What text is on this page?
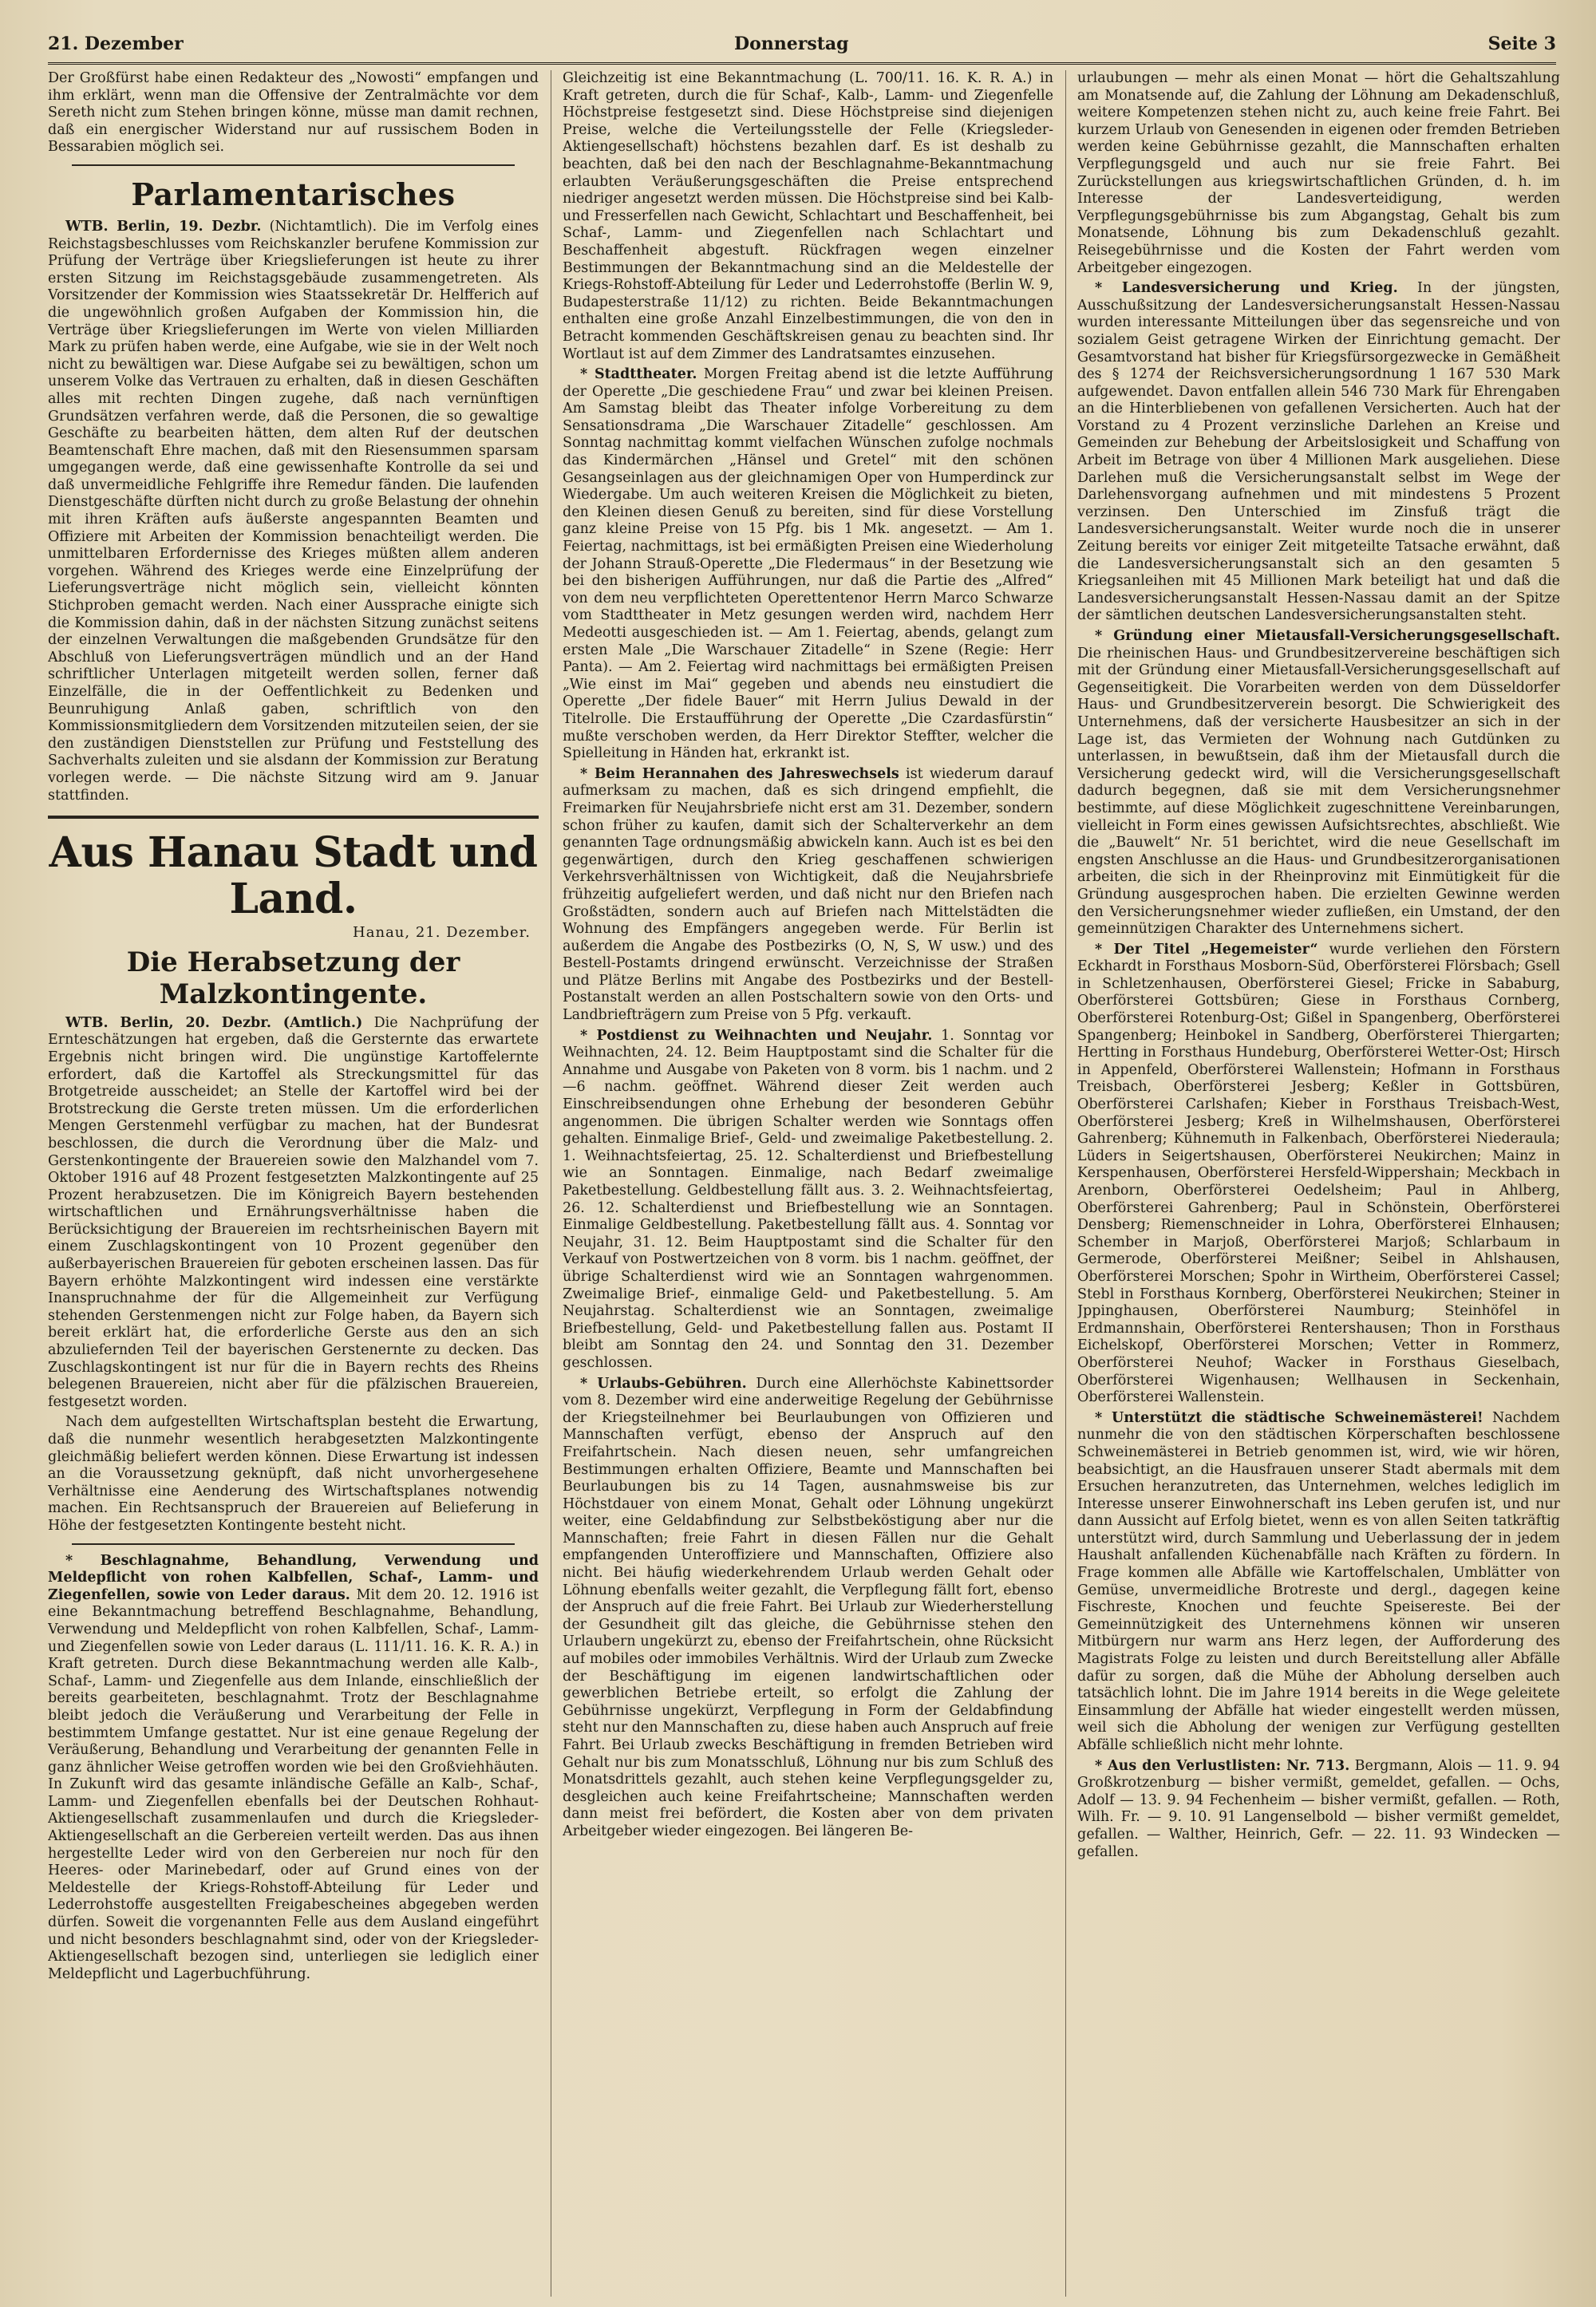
21. Dezember	Donnerstag	Seite 3

Der Großfürst habe einen Redakteur des „Nowosti“ empfangen und ihm erklärt, wenn man die Offensive der Zentralmächte vor dem Sereth nicht zum Stehen bringen könne, müsse man damit rechnen, daß ein energischer Widerstand nur auf russischem Boden in Bessarabien möglich sei.

Parlamentarisches

WTB. Berlin, 19. Dezbr. (Nichtamtlich). Die im Verfolg eines Reichstagsbeschlusses vom Reichskanzler berufene Kommission zur Prüfung der Verträge über Kriegslieferungen ist heute zu ihrer ersten Sitzung im Reichstagsgebäude zusammengetreten. Als Vorsitzender der Kommission wies Staatssekretär Dr. Helfferich auf die ungewöhnlich großen Aufgaben der Kommission hin, die Verträge über Kriegslieferungen im Werte von vielen Milliarden Mark zu prüfen haben werde, eine Aufgabe, wie sie in der Welt noch nicht zu bewältigen war. Diese Aufgabe sei zu bewältigen, schon um unserem Volke das Vertrauen zu erhalten, daß in diesen Geschäften alles mit rechten Dingen zugehe, daß nach vernünftigen Grundsätzen verfahren werde, daß die Personen, die so gewaltige Geschäfte zu bearbeiten hätten, dem alten Ruf der deutschen Beamtenschaft Ehre machen, daß mit den Riesensummen sparsam umgegangen werde, daß eine gewissenhafte Kontrolle da sei und daß unvermeidliche Fehlgriffe ihre Remedur fänden. Die laufenden Dienstgeschäfte dürften nicht durch zu große Belastung der ohnehin mit ihren Kräften aufs äußerste angespannten Beamten und Offiziere mit Arbeiten der Kommission benachteiligt werden. Die unmittelbaren Erfordernisse des Krieges müßten allem anderen vorgehen. Während des Krieges werde eine Einzelprüfung der Lieferungsverträge nicht möglich sein, vielleicht könnten Stichproben gemacht werden. Nach einer Aussprache einigte sich die Kommission dahin, daß in der nächsten Sitzung zunächst seitens der einzelnen Verwaltungen die maßgebenden Grundsätze für den Abschluß von Lieferungsverträgen mündlich und an der Hand schriftlicher Unterlagen mitgeteilt werden sollen, ferner daß Einzelfälle, die in der Oeffentlichkeit zu Bedenken und Beunruhigung Anlaß gaben, schriftlich von den Kommissionsmitgliedern dem Vorsitzenden mitzuteilen seien, der sie den zuständigen Dienststellen zur Prüfung und Feststellung des Sachverhalts zuleiten und sie alsdann der Kommission zur Beratung vorlegen werde. — Die nächste Sitzung wird am 9. Januar stattfinden.

Aus Hanau Stadt und Land.
Hanau, 21. Dezember.
Die Herabsetzung der Malzkontingente.

WTB. Berlin, 20. Dezbr. (Amtlich.) Die Nachprüfung der Ernteschätzungen hat ergeben, daß die Gersternte das erwartete Ergebnis nicht bringen wird. Die ungünstige Kartoffelernte erfordert, daß die Kartoffel als Streckungsmittel für das Brotgetreide ausscheidet; an Stelle der Kartoffel wird bei der Brotstreckung die Gerste treten müssen. Um die erforderlichen Mengen Gerstenmehl verfügbar zu machen, hat der Bundesrat beschlossen, die durch die Verordnung über die Malz- und Gerstenkontingente der Brauereien sowie den Malzhandel vom 7. Oktober 1916 auf 48 Prozent festgesetzten Malzkontingente auf 25 Prozent herabzusetzen. Die im Königreich Bayern bestehenden wirtschaftlichen und Ernährungsverhältnisse haben die Berücksichtigung der Brauereien im rechtsrheinischen Bayern mit einem Zuschlagskontingent von 10 Prozent gegenüber den außerbayerischen Brauereien für geboten erscheinen lassen. Das für Bayern erhöhte Malzkontingent wird indessen eine verstärkte Inanspruchnahme der für die Allgemeinheit zur Verfügung stehenden Gerstenmengen nicht zur Folge haben, da Bayern sich bereit erklärt hat, die erforderliche Gerste aus den an sich abzuliefernden Teil der bayerischen Gerstenernte zu decken. Das Zuschlagskontingent ist nur für die in Bayern rechts des Rheins belegenen Brauereien, nicht aber für die pfälzischen Brauereien, festgesetzt worden.

Nach dem aufgestellten Wirtschaftsplan besteht die Erwartung, daß die nunmehr wesentlich herabgesetzten Malzkontingente gleichmäßig beliefert werden können. Diese Erwartung ist indessen an die Voraussetzung geknüpft, daß nicht unvorhergesehene Verhältnisse eine Aenderung des Wirtschaftsplanes notwendig machen. Ein Rechtsanspruch der Brauereien auf Belieferung in Höhe der festgesetzten Kontingente besteht nicht.

* Beschlagnahme, Behandlung, Verwendung und Meldepflicht von rohen Kalbfellen, Schaf-, Lamm- und Ziegenfellen, sowie von Leder daraus. Mit dem 20. 12. 1916 ist eine Bekanntmachung betreffend Beschlagnahme, Behandlung, Verwendung und Meldepflicht von rohen Kalbfellen, Schaf-, Lamm- und Ziegenfellen sowie von Leder daraus (L. 111/11. 16. K. R. A.) in Kraft getreten. Durch diese Bekanntmachung werden alle Kalb-, Schaf-, Lamm- und Ziegenfelle aus dem Inlande, einschließlich der bereits gearbeiteten, beschlagnahmt. Trotz der Beschlagnahme bleibt jedoch die Veräußerung und Verarbeitung der Felle in bestimmtem Umfange gestattet. Nur ist eine genaue Regelung der Veräußerung, Behandlung und Verarbeitung der genannten Felle in ganz ähnlicher Weise getroffen worden wie bei den Großviehhäuten. In Zukunft wird das gesamte inländische Gefälle an Kalb-, Schaf-, Lamm- und Ziegenfellen ebenfalls bei der Deutschen Rohhaut-Aktiengesellschaft zusammenlaufen und durch die Kriegsleder-Aktiengesellschaft an die Gerbereien verteilt werden. Das aus ihnen hergestellte Leder wird von den Gerbereien nur noch für den Heeres- oder Marinebedarf, oder auf Grund eines von der Meldestelle der Kriegs-Rohstoff-Abteilung für Leder und Lederrohstoffe ausgestellten Freigabescheines abgegeben werden dürfen. Soweit die vorgenannten Felle aus dem Ausland eingeführt und nicht besonders beschlagnahmt sind, oder von der Kriegsleder-Aktiengesellschaft bezogen sind, unterliegen sie lediglich einer Meldepflicht und Lagerbuchführung.

Gleichzeitig ist eine Bekanntmachung (L. 700/11. 16. K. R. A.) in Kraft getreten, durch die für Schaf-, Kalb-, Lamm- und Ziegenfelle Höchstpreise festgesetzt sind. Diese Höchstpreise sind diejenigen Preise, welche die Verteilungsstelle der Felle (Kriegsleder-Aktiengesellschaft) höchstens bezahlen darf. Es ist deshalb zu beachten, daß bei den nach der Beschlagnahme-Bekanntmachung erlaubten Veräußerungsgeschäften die Preise entsprechend niedriger angesetzt werden müssen. Die Höchstpreise sind bei Kalb- und Fresserfellen nach Gewicht, Schlachtart und Beschaffenheit, bei Schaf-, Lamm- und Ziegenfellen nach Schlachtart und Beschaffenheit abgestuft. Rückfragen wegen einzelner Bestimmungen der Bekanntmachung sind an die Meldestelle der Kriegs-Rohstoff-Abteilung für Leder und Lederrohstoffe (Berlin W. 9, Budapesterstraße 11/12) zu richten. Beide Bekanntmachungen enthalten eine große Anzahl Einzelbestimmungen, die von den in Betracht kommenden Geschäftskreisen genau zu beachten sind. Ihr Wortlaut ist auf dem Zimmer des Landratsamtes einzusehen.

* Stadttheater. Morgen Freitag abend ist die letzte Aufführung der Operette „Die geschiedene Frau“ und zwar bei kleinen Preisen. Am Samstag bleibt das Theater infolge Vorbereitung zu dem Sensationsdrama „Die Warschauer Zitadelle“ geschlossen. Am Sonntag nachmittag kommt vielfachen Wünschen zufolge nochmals das Kindermärchen „Hänsel und Gretel“ mit den schönen Gesangseinlagen aus der gleichnamigen Oper von Humperdinck zur Wiedergabe. Um auch weiteren Kreisen die Möglichkeit zu bieten, den Kleinen diesen Genuß zu bereiten, sind für diese Vorstellung ganz kleine Preise von 15 Pfg. bis 1 Mk. angesetzt. — Am 1. Feiertag, nachmittags, ist bei ermäßigten Preisen eine Wiederholung der Johann Strauß-Operette „Die Fledermaus“ in der Besetzung wie bei den bisherigen Aufführungen, nur daß die Partie des „Alfred“ von dem neu verpflichteten Operettentenor Herrn Marco Schwarze vom Stadttheater in Metz gesungen werden wird, nachdem Herr Medeotti ausgeschieden ist. — Am 1. Feiertag, abends, gelangt zum ersten Male „Die Warschauer Zitadelle“ in Szene (Regie: Herr Panta). — Am 2. Feiertag wird nachmittags bei ermäßigten Preisen „Wie einst im Mai“ gegeben und abends neu einstudiert die Operette „Der fidele Bauer“ mit Herrn Julius Dewald in der Titelrolle. Die Erstaufführung der Operette „Die Czardasfürstin“ mußte verschoben werden, da Herr Direktor Steffter, welcher die Spielleitung in Händen hat, erkrankt ist.

* Beim Herannahen des Jahreswechsels ist wiederum darauf aufmerksam zu machen, daß es sich dringend empfiehlt, die Freimarken für Neujahrsbriefe nicht erst am 31. Dezember, sondern schon früher zu kaufen, damit sich der Schalterverkehr an dem genannten Tage ordnungsmäßig abwickeln kann. Auch ist es bei den gegenwärtigen, durch den Krieg geschaffenen schwierigen Verkehrsverhältnissen von Wichtigkeit, daß die Neujahrsbriefe frühzeitig aufgeliefert werden, und daß nicht nur den Briefen nach Großstädten, sondern auch auf Briefen nach Mittelstädten die Wohnung des Empfängers angegeben werde. Für Berlin ist außerdem die Angabe des Postbezirks (O, N, S, W usw.) und des Bestell-Postamts dringend erwünscht. Verzeichnisse der Straßen und Plätze Berlins mit Angabe des Postbezirks und der Bestell-Postanstalt werden an allen Postschaltern sowie von den Orts- und Landbriefträgern zum Preise von 5 Pfg. verkauft.

* Postdienst zu Weihnachten und Neujahr. 1. Sonntag vor Weihnachten, 24. 12. Beim Hauptpostamt sind die Schalter für die Annahme und Ausgabe von Paketen von 8 vorm. bis 1 nachm. und 2—6 nachm. geöffnet. Während dieser Zeit werden auch Einschreibsendungen ohne Erhebung der besonderen Gebühr angenommen. Die übrigen Schalter werden wie Sonntags offen gehalten. Einmalige Brief-, Geld- und zweimalige Paketbestellung. 2. 1. Weihnachtsfeiertag, 25. 12. Schalterdienst und Briefbestellung wie an Sonntagen. Einmalige, nach Bedarf zweimalige Paketbestellung. Geldbestellung fällt aus. 3. 2. Weihnachtsfeiertag, 26. 12. Schalterdienst und Briefbestellung wie an Sonntagen. Einmalige Geldbestellung. Paketbestellung fällt aus. 4. Sonntag vor Neujahr, 31. 12. Beim Hauptpostamt sind die Schalter für den Verkauf von Postwertzeichen von 8 vorm. bis 1 nachm. geöffnet, der übrige Schalterdienst wird wie an Sonntagen wahrgenommen. Zweimalige Brief-, einmalige Geld- und Paketbestellung. 5. Am Neujahrstag. Schalterdienst wie an Sonntagen, zweimalige Briefbestellung, Geld- und Paketbestellung fallen aus. Postamt II bleibt am Sonntag den 24. und Sonntag den 31. Dezember geschlossen.

* Urlaubs-Gebühren. Durch eine Allerhöchste Kabinettsorder vom 8. Dezember wird eine anderweitige Regelung der Gebührnisse der Kriegsteilnehmer bei Beurlaubungen von Offizieren und Mannschaften verfügt, ebenso der Anspruch auf den Freifahrtschein. Nach diesen neuen, sehr umfangreichen Bestimmungen erhalten Offiziere, Beamte und Mannschaften bei Beurlaubungen bis zu 14 Tagen, ausnahmsweise bis zur Höchstdauer von einem Monat, Gehalt oder Löhnung ungekürzt weiter, eine Geldabfindung zur Selbstbeköstigung aber nur die Mannschaften; freie Fahrt in diesen Fällen nur die Gehalt empfangenden Unteroffiziere und Mannschaften, Offiziere also nicht. Bei häufig wiederkehrendem Urlaub werden Gehalt oder Löhnung ebenfalls weiter gezahlt, die Verpflegung fällt fort, ebenso der Anspruch auf die freie Fahrt. Bei Urlaub zur Wiederherstellung der Gesundheit gilt das gleiche, die Gebührnisse stehen den Urlaubern ungekürzt zu, ebenso der Freifahrtschein, ohne Rücksicht auf mobiles oder immobiles Verhältnis. Wird der Urlaub zum Zwecke der Beschäftigung im eigenen landwirtschaftlichen oder gewerblichen Betriebe erteilt, so erfolgt die Zahlung der Gebührnisse ungekürzt, Verpflegung in Form der Geldabfindung steht nur den Mannschaften zu, diese haben auch Anspruch auf freie Fahrt. Bei Urlaub zwecks Beschäftigung in fremden Betrieben wird Gehalt nur bis zum Monatsschluß, Löhnung nur bis zum Schluß des Monatsdrittels gezahlt, auch stehen keine Verpflegungsgelder zu, desgleichen auch keine Freifahrtscheine; Mannschaften werden dann meist frei befördert, die Kosten aber von dem privaten Arbeitgeber wieder eingezogen. Bei längeren Be-

urlaubungen — mehr als einen Monat — hört die Gehaltszahlung am Monatsende auf, die Zahlung der Löhnung am Dekadenschluß, weitere Kompetenzen stehen nicht zu, auch keine freie Fahrt. Bei kurzem Urlaub von Genesenden in eigenen oder fremden Betrieben werden keine Gebührnisse gezahlt, die Mannschaften erhalten Verpflegungsgeld und auch nur sie freie Fahrt. Bei Zurückstellungen aus kriegswirtschaftlichen Gründen, d. h. im Interesse der Landesverteidigung, werden Verpflegungsgebührnisse bis zum Abgangstag, Gehalt bis zum Monatsende, Löhnung bis zum Dekadenschluß gezahlt. Reisegebührnisse und die Kosten der Fahrt werden vom Arbeitgeber eingezogen.

* Landesversicherung und Krieg. In der jüngsten, Ausschußsitzung der Landesversicherungsanstalt Hessen-Nassau wurden interessante Mitteilungen über das segensreiche und von sozialem Geist getragene Wirken der Einrichtung gemacht. Der Gesamtvorstand hat bisher für Kriegsfürsorgezwecke in Gemäßheit des § 1274 der Reichsversicherungsordnung 1 167 530 Mark aufgewendet. Davon entfallen allein 546 730 Mark für Ehrengaben an die Hinterbliebenen von gefallenen Versicherten. Auch hat der Vorstand zu 4 Prozent verzinsliche Darlehen an Kreise und Gemeinden zur Behebung der Arbeitslosigkeit und Schaffung von Arbeit im Betrage von über 4 Millionen Mark ausgeliehen. Diese Darlehen muß die Versicherungsanstalt selbst im Wege der Darlehensvorgang aufnehmen und mit mindestens 5 Prozent verzinsen. Den Unterschied im Zinsfuß trägt die Landesversicherungsanstalt. Weiter wurde noch die in unserer Zeitung bereits vor einiger Zeit mitgeteilte Tatsache erwähnt, daß die Landesversicherungsanstalt sich an den gesamten 5 Kriegsanleihen mit 45 Millionen Mark beteiligt hat und daß die Landesversicherungsanstalt Hessen-Nassau damit an der Spitze der sämtlichen deutschen Landesversicherungsanstalten steht.

* Gründung einer Mietausfall-Versicherungsgesellschaft. Die rheinischen Haus- und Grundbesitzervereine beschäftigen sich mit der Gründung einer Mietausfall-Versicherungsgesellschaft auf Gegenseitigkeit. Die Vorarbeiten werden von dem Düsseldorfer Haus- und Grundbesitzerverein besorgt. Die Schwierigkeit des Unternehmens, daß der versicherte Hausbesitzer an sich in der Lage ist, das Vermieten der Wohnung nach Gutdünken zu unterlassen, in bewußtsein, daß ihm der Mietausfall durch die Versicherung gedeckt wird, will die Versicherungsgesellschaft dadurch begegnen, daß sie mit dem Versicherungsnehmer bestimmte, auf diese Möglichkeit zugeschnittene Vereinbarungen, vielleicht in Form eines gewissen Aufsichtsrechtes, abschließt. Wie die „Bauwelt“ Nr. 51 berichtet, wird die neue Gesellschaft im engsten Anschlusse an die Haus- und Grundbesitzerorganisationen arbeiten, die sich in der Rheinprovinz mit Einmütigkeit für die Gründung ausgesprochen haben. Die erzielten Gewinne werden den Versicherungsnehmer wieder zufließen, ein Umstand, der den gemeinnützigen Charakter des Unternehmens sichert.

* Der Titel „Hegemeister“ wurde verliehen den Förstern Eckhardt in Forsthaus Mosborn-Süd, Oberförsterei Flörsbach; Gsell in Schletzenhausen, Oberförsterei Giesel; Fricke in Sababurg, Oberförsterei Gottsbüren; Giese in Forsthaus Cornberg, Oberförsterei Rotenburg-Ost; Gißel in Spangenberg, Oberförsterei Spangenberg; Heinbokel in Sandberg, Oberförsterei Thiergarten; Hertting in Forsthaus Hundeburg, Oberförsterei Wetter-Ost; Hirsch in Appenfeld, Oberförsterei Wallenstein; Hofmann in Forsthaus Treisbach, Oberförsterei Jesberg; Keßler in Gottsbüren, Oberförsterei Carlshafen; Kieber in Forsthaus Treisbach-West, Oberförsterei Jesberg; Kreß in Wilhelmshausen, Oberförsterei Gahrenberg; Kühnemuth in Falkenbach, Oberförsterei Niederaula; Lüders in Seigertshausen, Oberförsterei Neukirchen; Mainz in Kerspenhausen, Oberförsterei Hersfeld-Wippershain; Meckbach in Arenborn, Oberförsterei Oedelsheim; Paul in Ahlberg, Oberförsterei Gahrenberg; Paul in Schönstein, Oberförsterei Densberg; Riemenschneider in Lohra, Oberförsterei Elnhausen; Schember in Marjoß, Oberförsterei Marjoß; Schlarbaum in Germerode, Oberförsterei Meißner; Seibel in Ahlshausen, Oberförsterei Morschen; Spohr in Wirtheim, Oberförsterei Cassel; Stebl in Forsthaus Kornberg, Oberförsterei Neukirchen; Steiner in Jppinghausen, Oberförsterei Naumburg; Steinhöfel in Erdmannshain, Oberförsterei Rentershausen; Thon in Forsthaus Eichelskopf, Oberförsterei Morschen; Vetter in Rommerz, Oberförsterei Neuhof; Wacker in Forsthaus Gieselbach, Oberförsterei Wigenhausen; Wellhausen in Seckenhain, Oberförsterei Wallenstein.

* Unterstützt die städtische Schweinemästerei! Nachdem nunmehr die von den städtischen Körperschaften beschlossene Schweinemästerei in Betrieb genommen ist, wird, wie wir hören, beabsichtigt, an die Hausfrauen unserer Stadt abermals mit dem Ersuchen heranzutreten, das Unternehmen, welches lediglich im Interesse unserer Einwohnerschaft ins Leben gerufen ist, und nur dann Aussicht auf Erfolg bietet, wenn es von allen Seiten tatkräftig unterstützt wird, durch Sammlung und Ueberlassung der in jedem Haushalt anfallenden Küchenabfälle nach Kräften zu fördern. In Frage kommen alle Abfälle wie Kartoffelschalen, Umblätter von Gemüse, unvermeidliche Brotreste und dergl., dagegen keine Fischreste, Knochen und feuchte Speisereste. Bei der Gemeinnützigkeit des Unternehmens können wir unseren Mitbürgern nur warm ans Herz legen, der Aufforderung des Magistrats Folge zu leisten und durch Bereitstellung aller Abfälle dafür zu sorgen, daß die Mühe der Abholung derselben auch tatsächlich lohnt. Die im Jahre 1914 bereits in die Wege geleitete Einsammlung der Abfälle hat wieder eingestellt werden müssen, weil sich die Abholung der wenigen zur Verfügung gestellten Abfälle schließlich nicht mehr lohnte.

* Aus den Verlustlisten: Nr. 713. Bergmann, Alois — 11. 9. 94 Großkrotzenburg — bisher vermißt, gemeldet, gefallen. — Ochs, Adolf — 13. 9. 94 Fechenheim — bisher vermißt, gefallen. — Roth, Wilh. Fr. — 9. 10. 91 Langenselbold — bisher vermißt gemeldet, gefallen. — Walther, Heinrich, Gefr. — 22. 11. 93 Windecken — gefallen.
